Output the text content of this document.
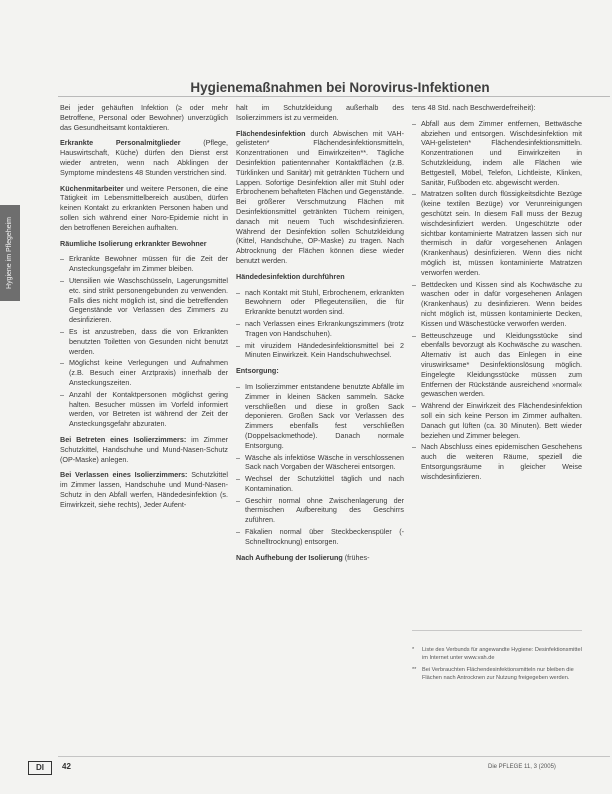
Hygienemaßnahmen bei Norovirus-Infektionen
Hygiene im Pflegeheim

Bei jeder gehäuften Infektion (≥ oder mehr Betroffene, Personal oder Bewohner) unverzüglich das Gesundheitsamt kontaktieren.

Erkrankte Personalmitglieder (Pflege, Hauswirtschaft, Küche) dürfen den Dienst erst wieder antreten, wenn nach Abklingen der Symptome mindestens 48 Stunden verstrichen sind.

Küchenmitarbeiter und weitere Personen, die eine Tätigkeit im Lebensmittelbereich ausüben, dürfen keinen Kontakt zu erkrankten Personen haben und sollen sich während einer Noro-Epidemie nicht in den betroffenen Bereichen aufhalten.

Räumliche Isolierung erkrankter Bewohner

– Erkrankte Bewohner müssen für die Zeit der Ansteckungsgefahr im Zimmer bleiben.
– Utensilien wie Waschschüsseln, Lagerungsmittel etc. sind strikt personengebunden zu verwenden. Falls dies nicht möglich ist, sind die betreffenden Gegenstände vor Verlassen des Zimmers zu desinfizieren.
– Es ist anzustreben, dass die von Erkrankten benutzten Toiletten von Gesunden nicht benutzt werden.
– Möglichst keine Verlegungen und Aufnahmen (z.B. Besuch einer Arztpraxis) innerhalb der Ansteckungszeiten.
– Anzahl der Kontaktpersonen möglichst gering halten. Besucher müssen im Vorfeld informiert werden, vor Betreten ist während der Zeit der Ansteckungsgefahr abzuraten.

Bei Betreten eines Isolierzimmers: im Zimmer Schutzkittel, Handschuhe und Mund-Nasen-Schutz (OP-Maske) anlegen.

Bei Verlassen eines Isolierzimmers: Schutzkittel im Zimmer lassen, Handschuhe und Mund-Nasen-Schutz in den Abfall werfen, Händedesinfektion (s. Einwirkzeit, siehe rechts), Jeder Aufent-

halt im Schutzkleidung außerhalb des Isolierzimmers ist zu vermeiden.

Flächendesinfektion durch Abwischen mit VAH-gelisteten* Flächendesinfektionsmitteln, Konzentrationen und Einwirkzeiten**. Tägliche Desinfektion patientennaher Kontaktflächen (z.B. Türklinken und Sanitär) mit getränkten Tüchern und Lappen. Sofortige Desinfektion aller mit Stuhl oder Erbrochenem behafteten Flächen und Gegenstände. Bei größerer Verschmutzung Flächen mit Desinfektionsmittel getränkten Tüchern reinigen, danach mit neuem Tuch wischdesinfizieren. Während der Desinfektion sollen Schutzkleidung (Kittel, Handschuhe, OP-Maske) zu tragen. Nach Abtrocknung der Flächen können diese wieder benutzt werden.

Händedesinfektion durchführen

– nach Kontakt mit Stuhl, Erbrochenem, erkrankten Bewohnern oder Pflegeutensilien, die für Erkrankte benutzt worden sind.
– nach Verlassen eines Erkrankungszimmers (trotz Tragen von Handschuhen).
– mit viruzidem Händedesinfektionsmittel bei 2 Minuten Einwirkzeit. Kein Handschuhwechsel.

Entsorgung:

– Im Isolierzimmer entstandene benutzte Abfälle im Zimmer in kleinen Säcken sammeln. Säcke verschließen und diese in großen Sack deponieren. Großen Sack vor Verlassen des Zimmers ebenfalls fest verschließen (Doppelsackmethode). Danach normale Entsorgung.
– Wäsche als infektiöse Wäsche in verschlossenen Sack nach Vorgaben der Wäscherei entsorgen.
– Wechsel der Schutzkittel täglich und nach Kontamination.
– Geschirr normal ohne Zwischenlagerung der thermischen Aufbereitung des Geschirrs zuführen.
– Fäkalien normal über Steckbeckenspüler (- Schnelltrocknung) entsorgen.

Nach Aufhebung der Isolierung (frühes-

tens 48 Std. nach Beschwerdefreiheit):

– Abfall aus dem Zimmer entfernen, Bettwäsche abziehen und entsorgen. Wischdesinfektion mit VAH-gelisteten* Flächendesinfektionsmitteln. Konzentrationen und Einwirkzeiten in Schutzkleidung, indem alle Flächen wie Bettgestell, Möbel, Telefon, Lichtleiste, Klinken, Sanitär, Fußboden etc. abgewischt werden.
– Matratzen sollten durch flüssigkeitsdichte Bezüge (keine textilen Bezüge) vor Verunreinigungen geschützt sein. In diesem Fall muss der Bezug wischdesinfiziert werden. Ungeschützte oder sichtbar kontaminierte Matratzen lassen sich nur thermisch in dafür vorgesehenen Anlagen (Krankenhaus) desinfizieren. Wenn dies nicht möglich ist, müssen kontaminierte Matratzen verworfen werden.
– Bettdecken und Kissen sind als Kochwäsche zu waschen oder in dafür vorgesehenen Anlagen (Krankenhaus) zu desinfizieren. Wenn beides nicht möglich ist, müssen kontaminierte Decken, Kissen und Wäschestücke verworfen werden.
– Betteuschzeuge und Kleidungsstücke sind ebenfalls bevorzugt als Kochwäsche zu waschen. Alternativ ist auch das Einlegen in eine viruswirksame* Desinfektionslösung möglich. Eingelegte Kleidungsstücke müssen zum Entfernen der Rückstände ausreichend »normal« gewaschen werden.
– Während der Einwirkzeit des Flächendesinfektion soll ein sich keine Person im Zimmer aufhalten. Danach gut lüften (ca. 30 Minuten). Bett wieder beziehen und Zimmer belegen.
– Nach Abschluss eines epidemischen Geschehens auch die weiteren Räume, speziell die Entsorgungsräume in gleicher Weise wischdesinfizieren.

* Liste des Verbunds für angewandte Hygiene: Desinfektionsmittel im Internet unter www.vah.de

** Bei Verbrauchten Flächendesinfektionsmitteln nur bleiben die Flächen nach Antrocknen zur Nutzung freigegeben werden.

DI	42	Die PFLEGE 11, 3 (2005)
